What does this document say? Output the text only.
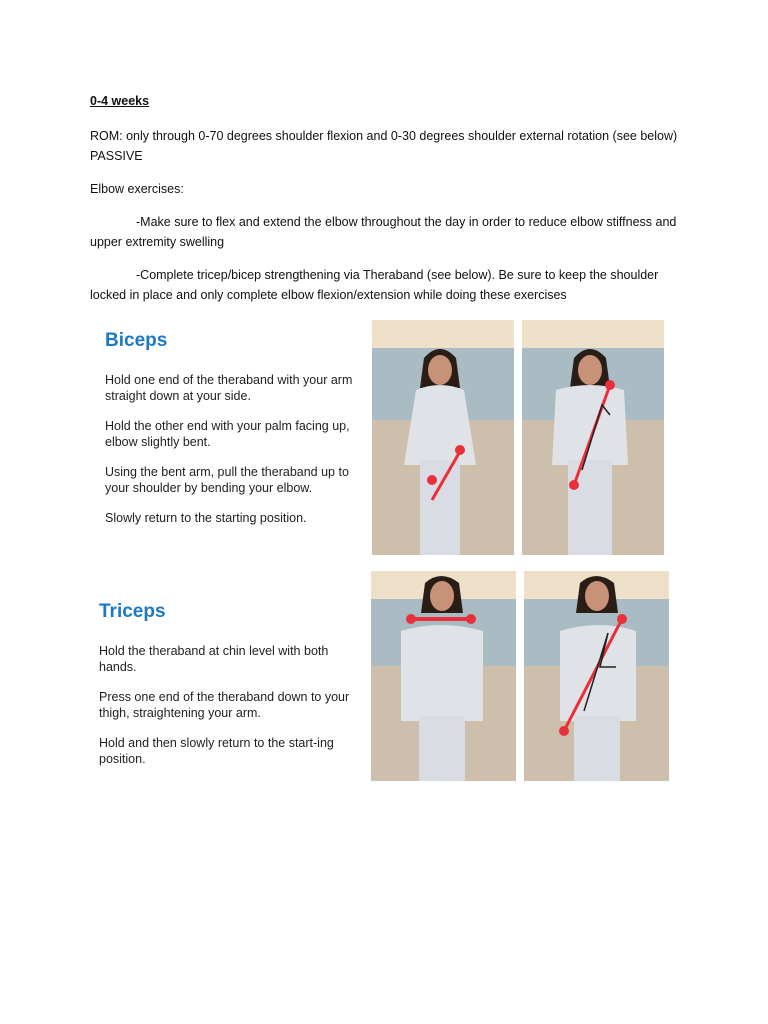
0-4 weeks
ROM: only through 0-70 degrees shoulder flexion and 0-30 degrees shoulder external rotation (see below) PASSIVE
Elbow exercises:
-Make sure to flex and extend the elbow throughout the day in order to reduce elbow stiffness and upper extremity swelling
-Complete tricep/bicep strengthening via Theraband (see below). Be sure to keep the shoulder locked in place and only complete elbow flexion/extension while doing these exercises
Biceps

Hold one end of the theraband with your arm straight down at your side.

Hold the other end with your palm facing up, elbow slightly bent.

Using the bent arm, pull the theraband up to your shoulder by bending your elbow.

Slowly return to the starting position.

Triceps

Hold the theraband at chin level with both hands.

Press one end of the theraband down to your thigh, straightening your arm.

Hold and then slowly return to the start-ing position.
